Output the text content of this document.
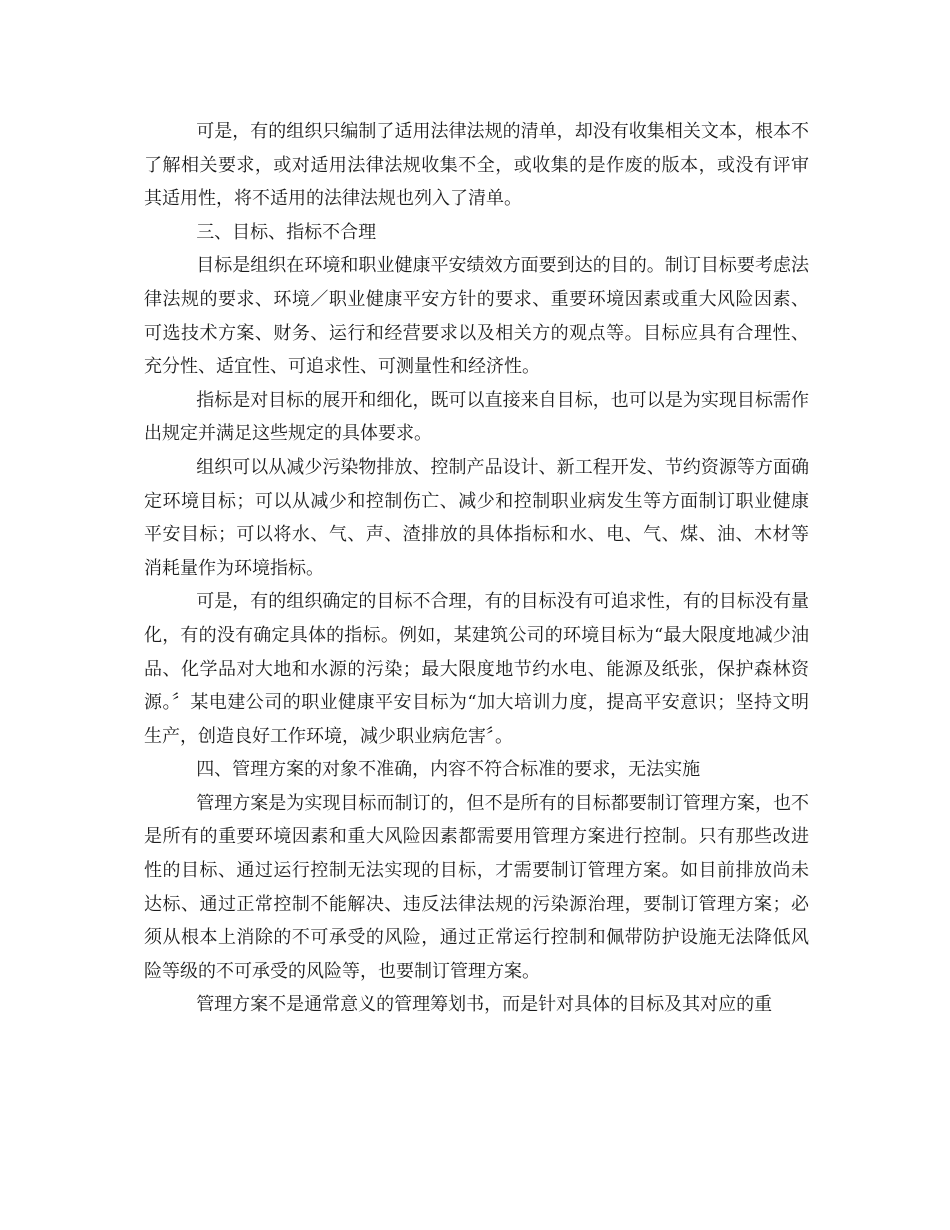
可是，有的组织只编制了适用法律法规的清单，却没有收集相关文本，根本不了解相关要求，或对适用法律法规收集不全，或收集的是作废的版本，或没有评审其适用性，将不适用的法律法规也列入了清单。

三、目标、指标不合理

目标是组织在环境和职业健康平安绩效方面要到达的目的。制订目标要考虑法律法规的要求、环境／职业健康平安方针的要求、重要环境因素或重大风险因素、可选技术方案、财务、运行和经营要求以及相关方的观点等。目标应具有合理性、充分性、适宜性、可追求性、可测量性和经济性。

指标是对目标的展开和细化，既可以直接来自目标，也可以是为实现目标需作出规定并满足这些规定的具体要求。

组织可以从减少污染物排放、控制产品设计、新工程开发、节约资源等方面确定环境目标；可以从减少和控制伤亡、减少和控制职业病发生等方面制订职业健康平安目标；可以将水、气、声、渣排放的具体指标和水、电、气、煤、油、木材等消耗量作为环境指标。

可是，有的组织确定的目标不合理，有的目标没有可追求性，有的目标没有量化，有的没有确定具体的指标。例如，某建筑公司的环境目标为“最大限度地减少油品、化学品对大地和水源的污染；最大限度地节约水电、能源及纸张，保护森林资源。〞某电建公司的职业健康平安目标为“加大培训力度，提高平安意识；坚持文明生产，创造良好工作环境，减少职业病危害〞。

四、管理方案的对象不准确，内容不符合标准的要求，无法实施

管理方案是为实现目标而制订的，但不是所有的目标都要制订管理方案，也不是所有的重要环境因素和重大风险因素都需要用管理方案进行控制。只有那些改进性的目标、通过运行控制无法实现的目标，才需要制订管理方案。如目前排放尚未达标、通过正常控制不能解决、违反法律法规的污染源治理，要制订管理方案；必须从根本上消除的不可承受的风险，通过正常运行控制和佩带防护设施无法降低风险等级的不可承受的风险等，也要制订管理方案。

管理方案不是通常意义的管理筹划书，而是针对具体的目标及其对应的重
